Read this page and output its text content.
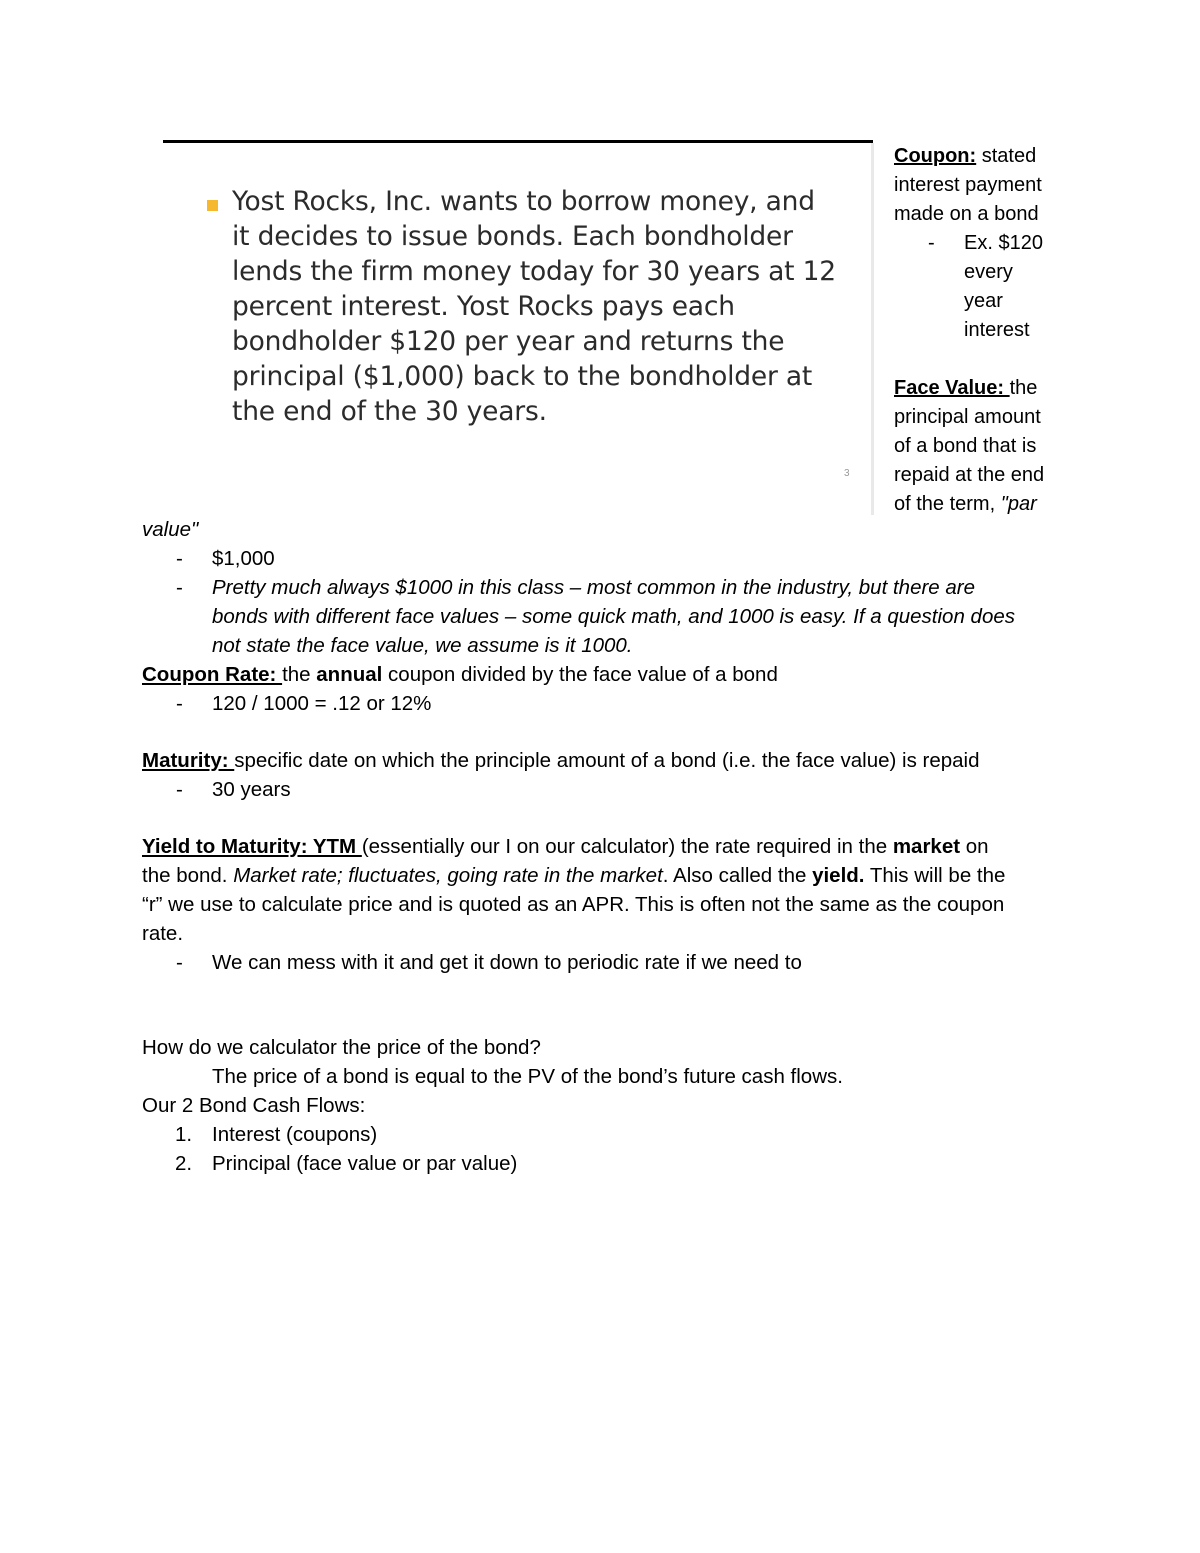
Yost Rocks, Inc. wants to borrow money, and
it decides to issue bonds. Each bondholder
lends the firm money today for 30 years at 12
percent interest. Yost Rocks pays each
bondholder $120 per year and returns the
principal ($1,000) back to the bondholder at
the end of the 30 years.
3
Coupon: stated
interest payment
made on a bond
- Ex. $120
every
year
interest
Face Value: the
principal amount
of a bond that is
repaid at the end
of the term, "par
value"
- $1,000
- Pretty much always $1000 in this class – most common in the industry, but there are
bonds with different face values – some quick math, and 1000 is easy. If a question does
not state the face value, we assume is it 1000.
Coupon Rate: the annual coupon divided by the face value of a bond
- 120 / 1000 = .12 or 12%
Maturity: specific date on which the principle amount of a bond (i.e. the face value) is repaid
- 30 years
Yield to Maturity: YTM (essentially our I on our calculator) the rate required in the market on
the bond. Market rate; fluctuates, going rate in the market. Also called the yield. This will be the
“r” we use to calculate price and is quoted as an APR. This is often not the same as the coupon
rate.
- We can mess with it and get it down to periodic rate if we need to
How do we calculator the price of the bond?
The price of a bond is equal to the PV of the bond’s future cash flows.
Our 2 Bond Cash Flows:
1. Interest (coupons)
2. Principal (face value or par value)
